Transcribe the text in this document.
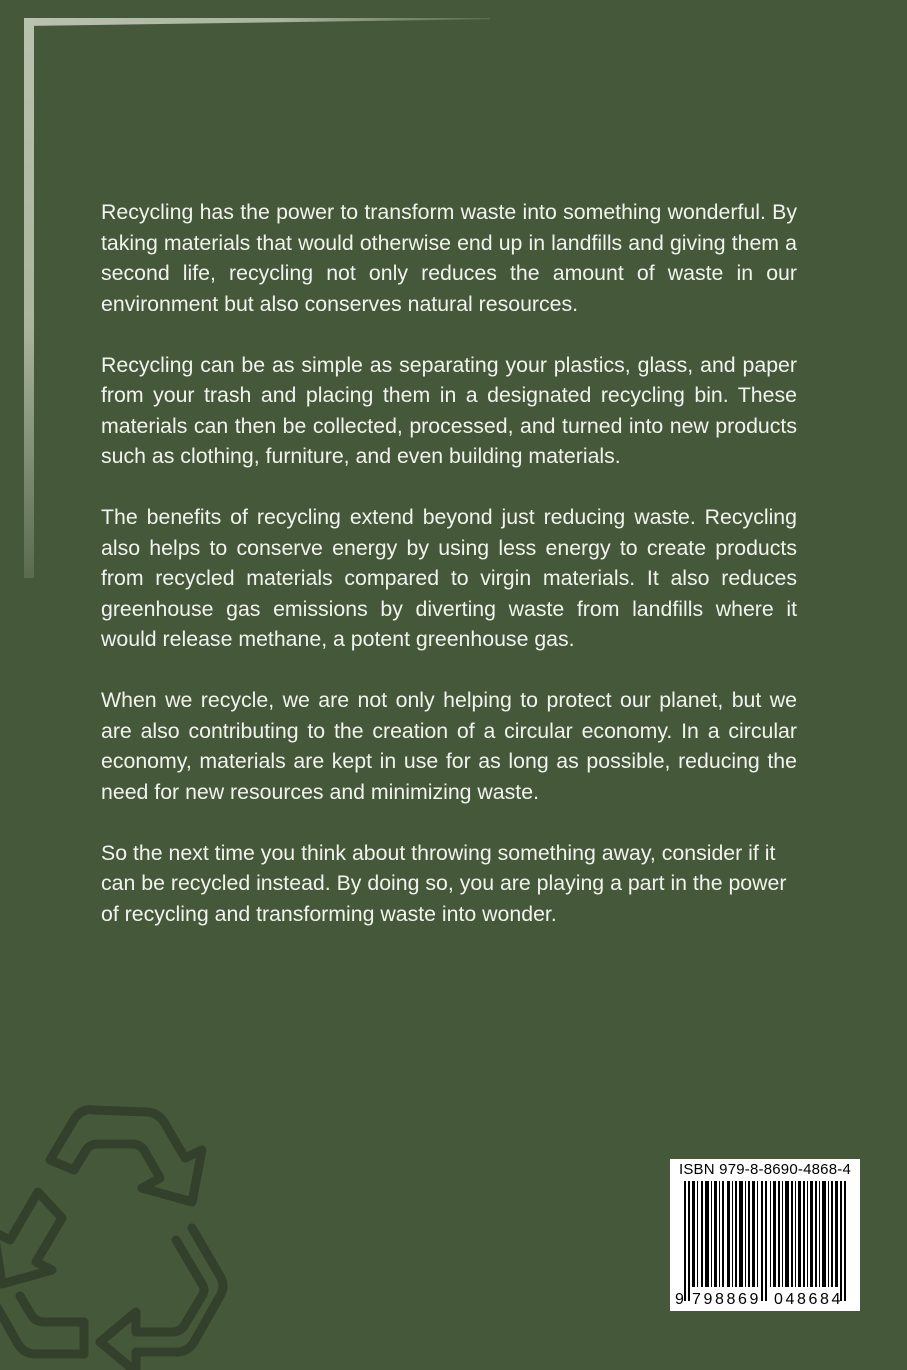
Recycling has the power to transform waste into something wonderful. By taking materials that would otherwise end up in landfills and giving them a second life, recycling not only reduces the amount of waste in our environment but also conserves natural resources.

Recycling can be as simple as separating your plastics, glass, and paper from your trash and placing them in a designated recycling bin. These materials can then be collected, processed, and turned into new products such as clothing, furniture, and even building materials.

The benefits of recycling extend beyond just reducing waste. Recycling also helps to conserve energy by using less energy to create products from recycled materials compared to virgin materials. It also reduces greenhouse gas emissions by diverting waste from landfills where it would release methane, a potent greenhouse gas.

When we recycle, we are not only helping to protect our planet, but we are also contributing to the creation of a circular economy. In a circular economy, materials are kept in use for as long as possible, reducing the need for new resources and minimizing waste.

So the next time you think about throwing something away, consider if it can be recycled instead. By doing so, you are playing a part in the power of recycling and transforming waste into wonder.

ISBN 979-8-8690-4868-4
9 798869 048684
